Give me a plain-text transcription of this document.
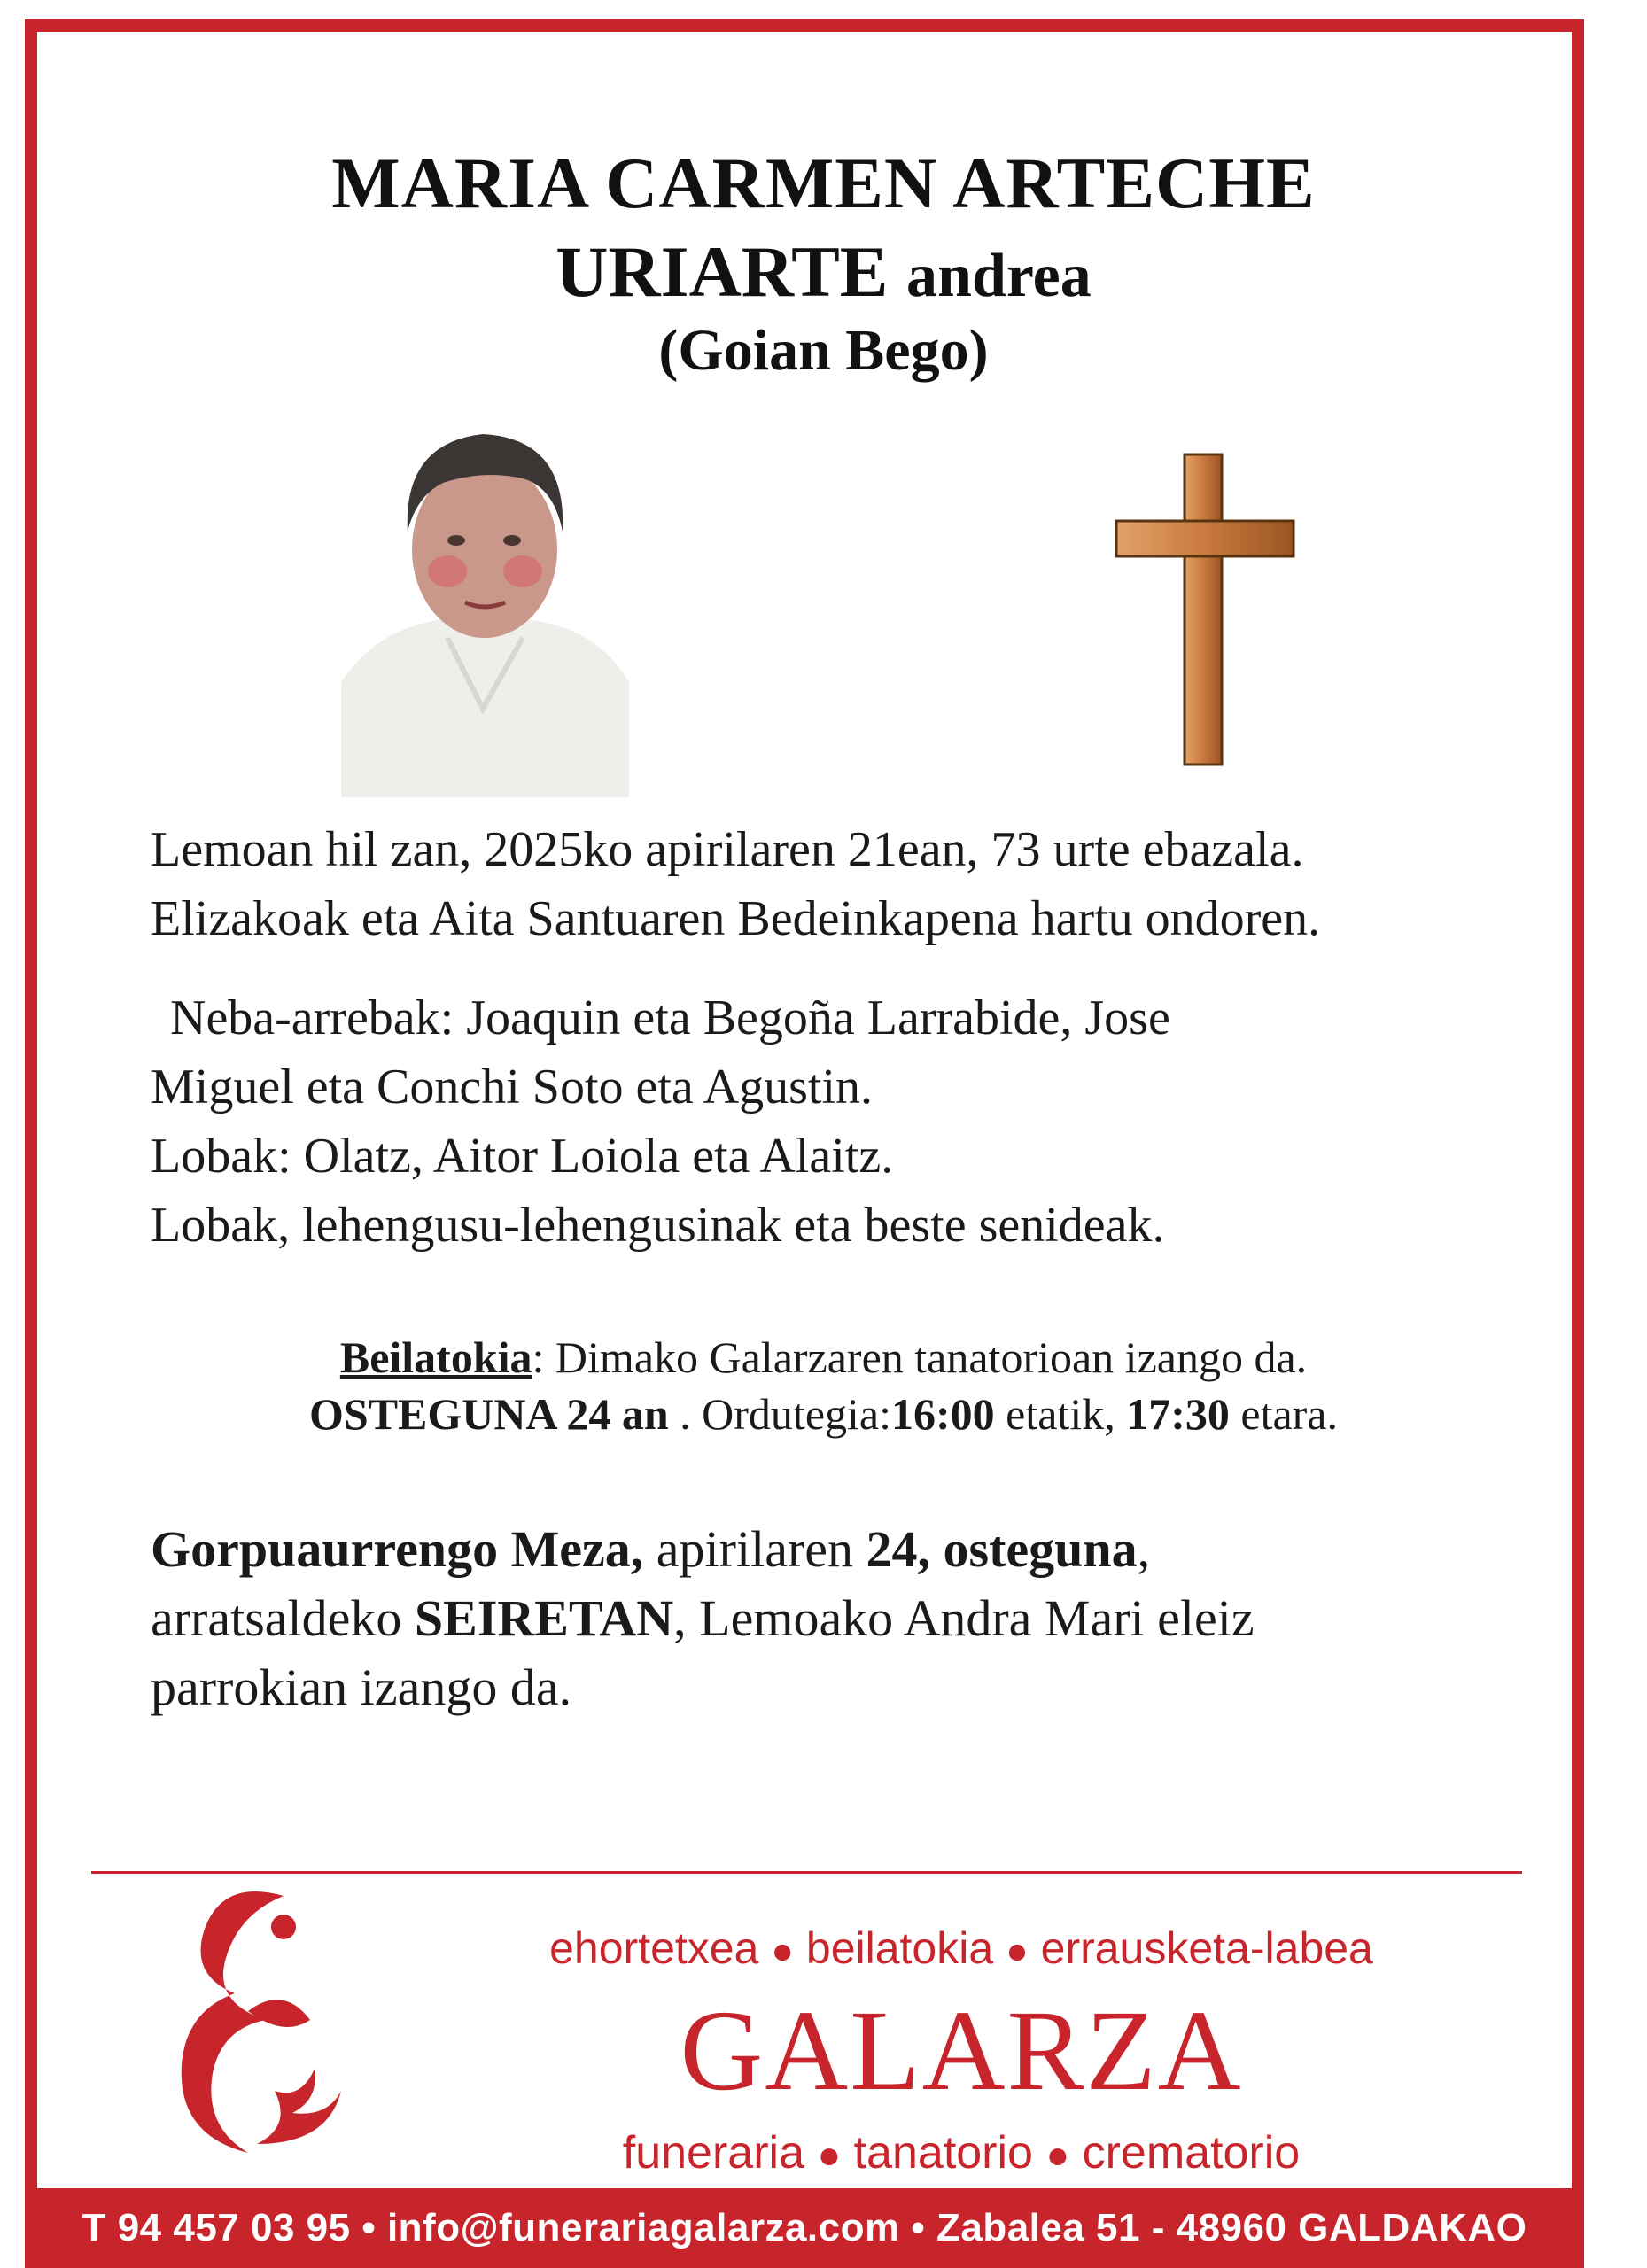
MARIA CARMEN ARTECHE
URIARTE andrea
(Goian Bego)
Lemoan hil zan, 2025ko apirilaren 21ean, 73 urte ebazala.
Elizakoak eta Aita Santuaren Bedeinkapena hartu ondoren.
Neba-arrebak: Joaquin eta Begoña Larrabide, Jose
Miguel eta Conchi Soto eta Agustin.
Lobak: Olatz, Aitor Loiola eta Alaitz.
Lobak, lehengusu-lehengusinak eta beste senideak.
Beilatokia: Dimako Galarzaren tanatorioan izango da.
OSTEGUNA 24 an . Ordutegia:16:00 etatik, 17:30 etara.
Gorpuaurrengo Meza, apirilaren 24, osteguna,
arratsaldeko SEIRETAN, Lemoako Andra Mari eleiz
parrokian izango da.
ehortetxea ● beilatokia ● errausketa-labea
GALARZA
funeraria ● tanatorio ● crematorio
T 94 457 03 95 • info@funerariagalarza.com • Zabalea 51 - 48960 GALDAKAO
